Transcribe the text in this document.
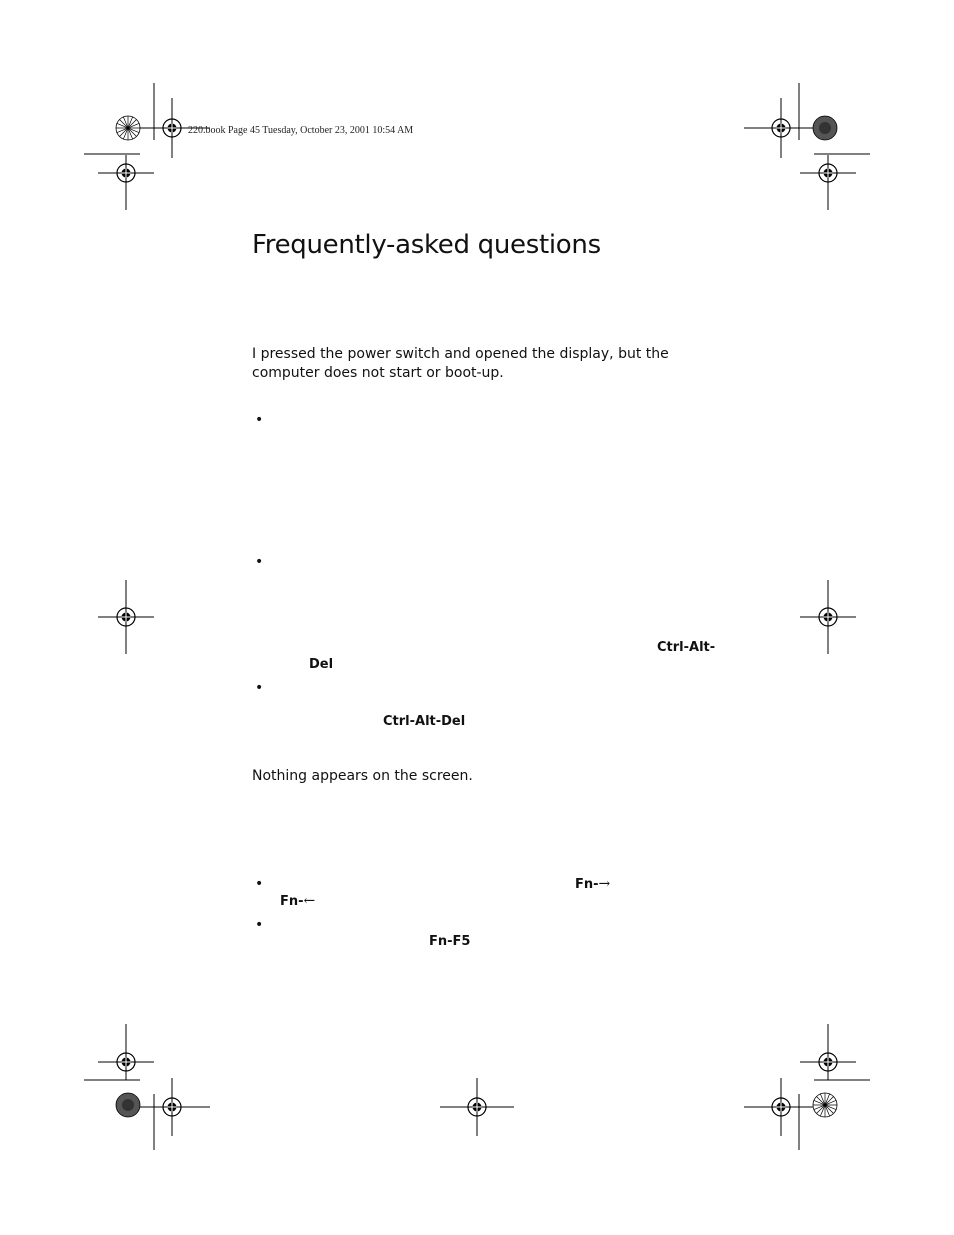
220.book Page 45 Tuesday, October 23, 2001 10:54 AM
Frequently-asked questions

I pressed the power switch and opened the display, but the computer does not start or boot-up.

•
•
Ctrl-Alt-
Del
•
Ctrl-Alt-Del

Nothing appears on the screen.

•	Fn-→
Fn-←
•
Fn-F5
